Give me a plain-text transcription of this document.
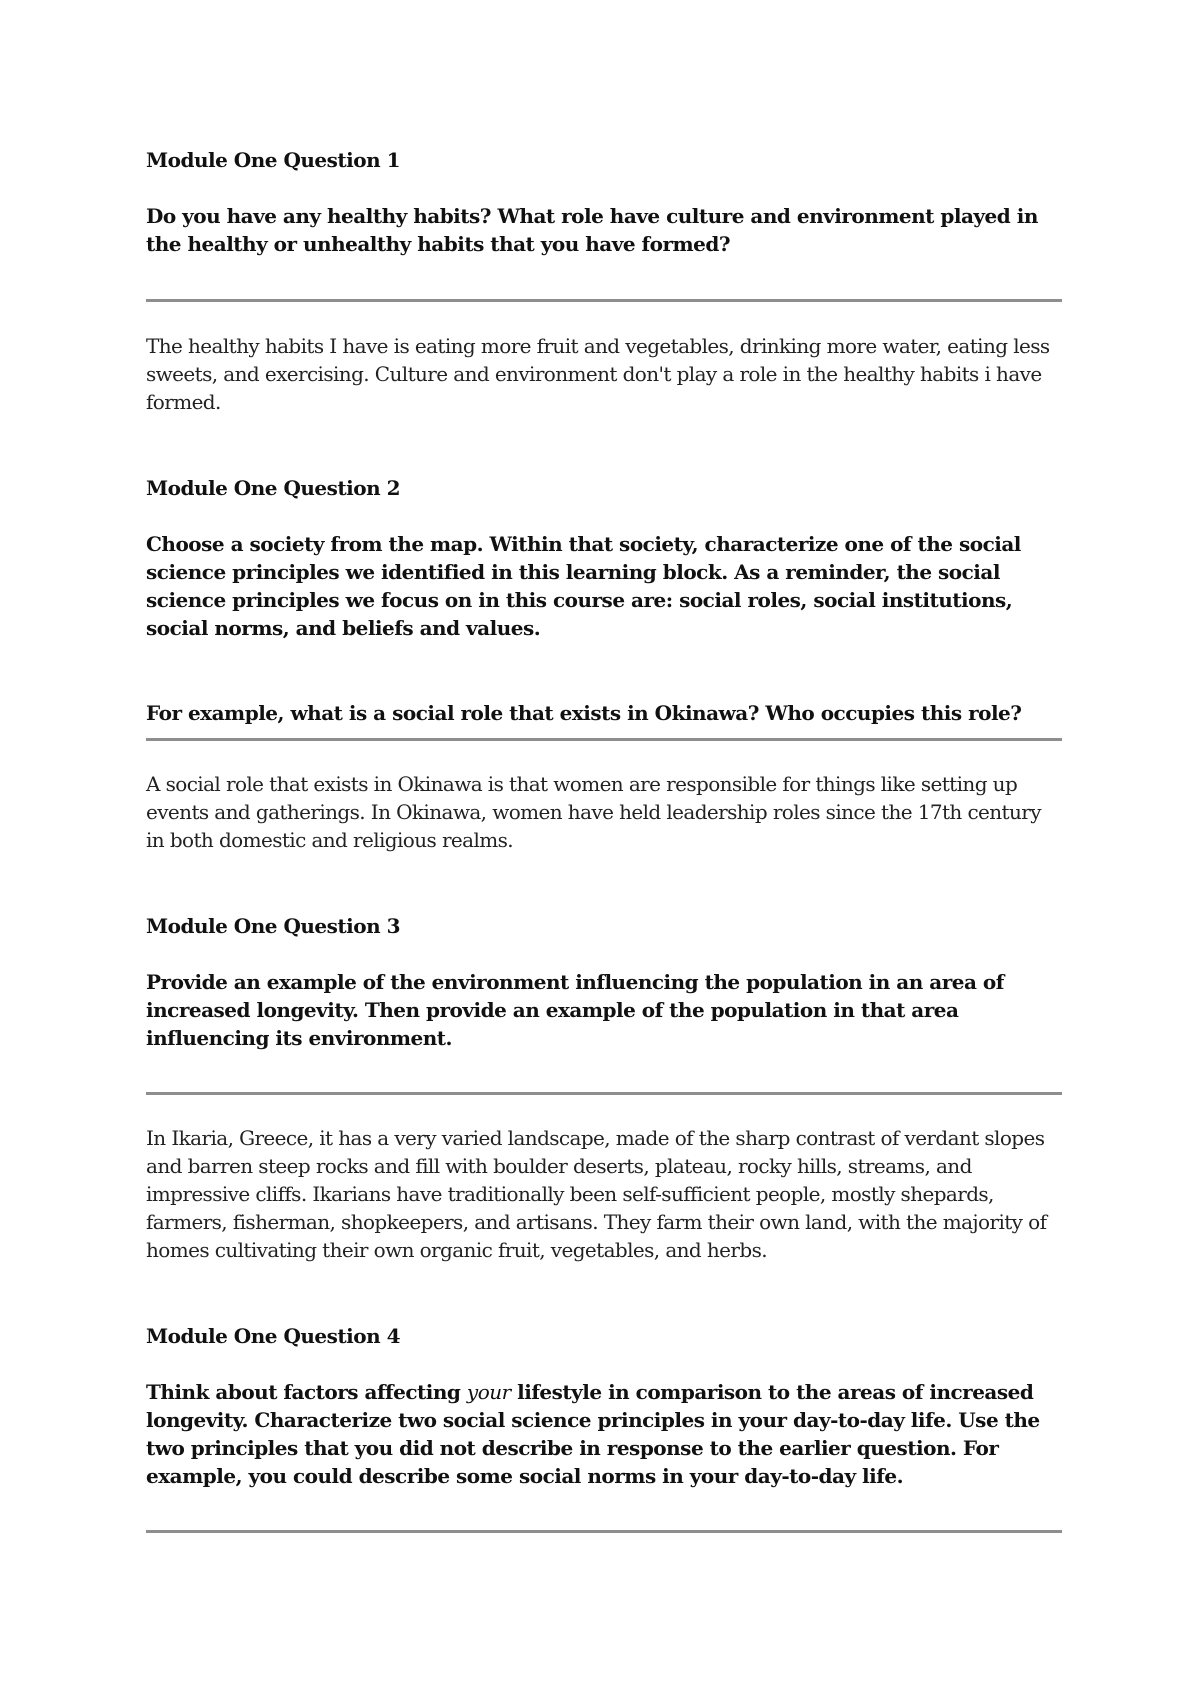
Module One Question 1

Do you have any healthy habits? What role have culture and environment played in the healthy or unhealthy habits that you have formed?

The healthy habits I have is eating more fruit and vegetables, drinking more water, eating less sweets, and exercising. Culture and environment don't play a role in the healthy habits i have formed.

Module One Question 2

Choose a society from the map. Within that society, characterize one of the social science principles we identified in this learning block. As a reminder, the social science principles we focus on in this course are: social roles, social institutions, social norms, and beliefs and values.

For example, what is a social role that exists in Okinawa? Who occupies this role?

A social role that exists in Okinawa is that women are responsible for things like setting up events and gatherings. In Okinawa, women have held leadership roles since the 17th century in both domestic and religious realms.

Module One Question 3

Provide an example of the environment influencing the population in an area of increased longevity. Then provide an example of the population in that area influencing its environment.

In Ikaria, Greece, it has a very varied landscape, made of the sharp contrast of verdant slopes and barren steep rocks and fill with boulder deserts, plateau, rocky hills, streams, and impressive cliffs. Ikarians have traditionally been self-sufficient people, mostly shepards, farmers, fisherman, shopkeepers, and artisans. They farm their own land, with the majority of homes cultivating their own organic fruit, vegetables, and herbs.

Module One Question 4

Think about factors affecting your lifestyle in comparison to the areas of increased longevity. Characterize two social science principles in your day-to-day life. Use the two principles that you did not describe in response to the earlier question. For example, you could describe some social norms in your day-to-day life.
